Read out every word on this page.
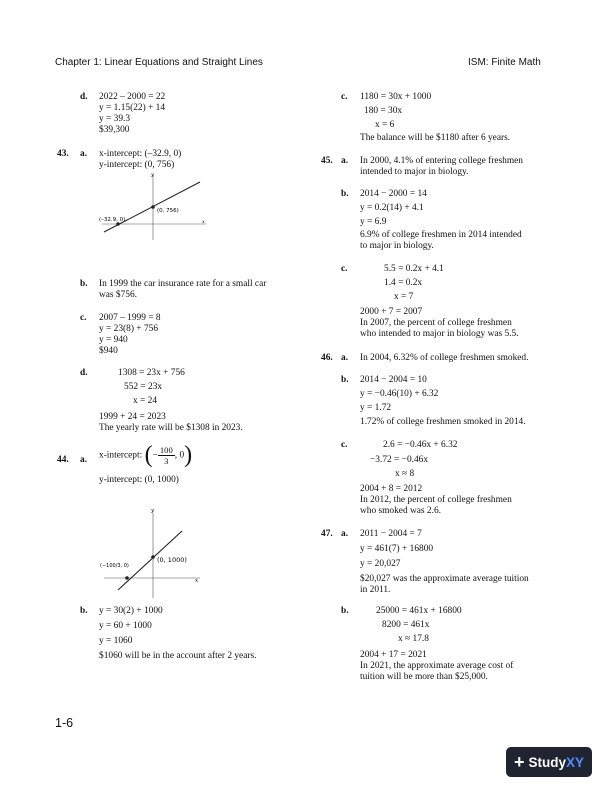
Chapter 1: Linear Equations and Straight Lines	ISM: Finite Math
d. 2022 – 2000 = 22
y = 1.15(22) + 14
y = 39.3
$39,300
43. a. x-intercept: (–32.9, 0)
y-intercept: (0, 756)
(0, 756)
(–32.9, 0)	x
y
b. In 1999 the car insurance rate for a small car
was $756.
c. 2007 – 1999 = 8
y = 23(8) + 756
y = 940
$940
d.	1308 = 23x + 756
552 = 23x
x = 24
1999 + 24 = 2023
The yearly rate will be $1308 in 2023.
44. a. x-intercept: (− $\frac{100}{3}$, 0)
y-intercept: (0, 1000)
(0, 1000)
(−100/3, 0)
x
y
b. y = 30(2) + 1000
y = 60 + 1000
y = 1060
$1060 will be in the account after 2 years.
c. 1180 = 30x + 1000
180 = 30x
x = 6
The balance will be $1180 after 6 years.
45. a. In 2000, 4.1% of entering college freshmen
intended to major in biology.
b. 2014 − 2000 = 14
y = 0.2(14) + 4.1
y = 6.9
6.9% of college freshmen in 2014 intended
to major in biology.
c.	5.5 = 0.2x + 4.1
1.4 = 0.2x
x = 7
2000 + 7 = 2007
In 2007, the percent of college freshmen
who intended to major in biology was 5.5.
46. a. In 2004, 6.32% of college freshmen smoked.
b. 2014 − 2004 = 10
y = −0.46(10) + 6.32
y = 1.72
1.72% of college freshmen smoked in 2014.
c.	2.6 = −0.46x + 6.32
−3.72 = −0.46x
x ≈ 8
2004 + 8 = 2012
In 2012, the percent of college freshmen
who smoked was 2.6.
47. a. 2011 − 2004 = 7
y = 461(7) + 16800
y = 20,027
$20,027 was the approximate average tuition
in 2011.
b.	25000 = 461x + 16800
8200 = 461x
x ≈ 17.8
2004 + 17 = 2021
In 2021, the approximate average cost of
tuition will be more than $25,000.
1-6
+ StudyXY
